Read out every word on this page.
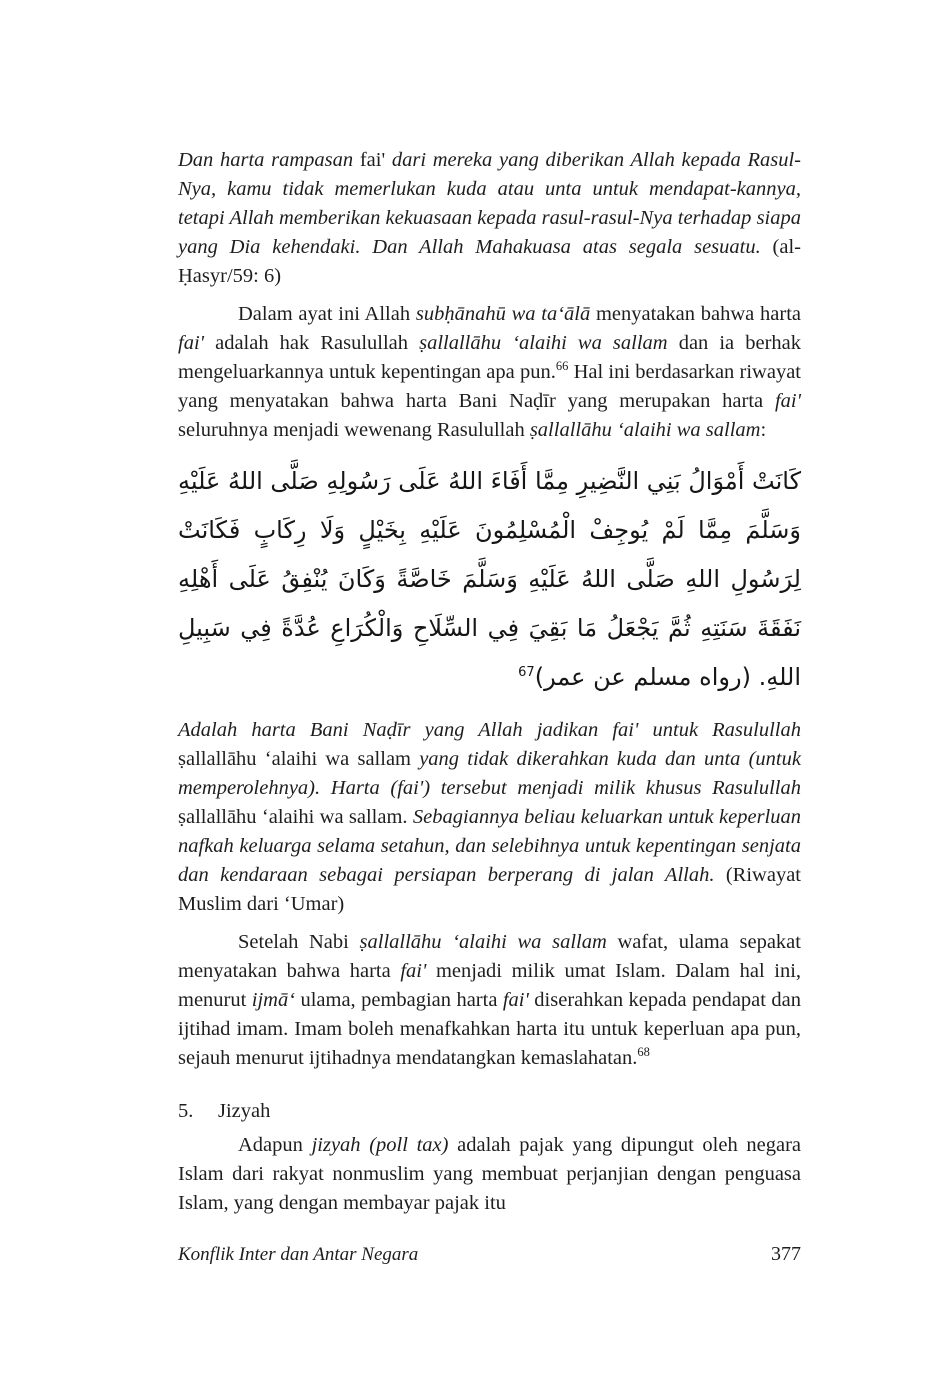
Dan harta rampasan fai' dari mereka yang diberikan Allah kepada Rasul-Nya, kamu tidak memerlukan kuda atau unta untuk mendapat-kannya, tetapi Allah memberikan kekuasaan kepada rasul-rasul-Nya terhadap siapa yang Dia kehendaki. Dan Allah Mahakuasa atas segala sesuatu. (al-Ḥasyr/59: 6)

Dalam ayat ini Allah subḥānahū wa ta‘ālā menyatakan bahwa harta fai' adalah hak Rasulullah ṣallallāhu ‘alaihi wa sallam dan ia berhak mengeluarkannya untuk kepentingan apa pun.$^{66}$ Hal ini berdasarkan riwayat yang menyatakan bahwa harta Bani Naḍīr yang merupakan harta fai' seluruhnya menjadi wewenang Rasulullah ṣallallāhu ‘alaihi wa sallam:

كَانَتْ أَمْوَالُ بَنِي النَّضِيرِ مِمَّا أَفَاءَ اللهُ عَلَى رَسُولِهِ صَلَّى اللهُ عَلَيْهِ وَسَلَّمَ مِمَّا لَمْ يُوجِفْ الْمُسْلِمُونَ عَلَيْهِ بِخَيْلٍ وَلَا رِكَابٍ فَكَانَتْ لِرَسُولِ اللهِ صَلَّى اللهُ عَلَيْهِ وَسَلَّمَ خَاصَّةً وَكَانَ يُنْفِقُ عَلَى أَهْلِهِ نَفَقَةَ سَنَتِهِ ثُمَّ يَجْعَلُ مَا بَقِيَ فِي السِّلَاحِ وَالْكُرَاعِ عُدَّةً فِي سَبِيلِ اللهِ. (رواه مسلم عن عمر)$^{67}$

Adalah harta Bani Naḍīr yang Allah jadikan fai' untuk Rasulullah ṣallallāhu ‘alaihi wa sallam yang tidak dikerahkan kuda dan unta (untuk memperolehnya). Harta (fai') tersebut menjadi milik khusus Rasulullah ṣallallāhu ‘alaihi wa sallam. Sebagiannya beliau keluarkan untuk keperluan nafkah keluarga selama setahun, dan selebihnya untuk kepentingan senjata dan kendaraan sebagai persiapan berperang di jalan Allah. (Riwayat Muslim dari ‘Umar)

Setelah Nabi ṣallallāhu ‘alaihi wa sallam wafat, ulama sepakat menyatakan bahwa harta fai' menjadi milik umat Islam. Dalam hal ini, menurut ijmā‘ ulama, pembagian harta fai' diserahkan kepada pendapat dan ijtihad imam. Imam boleh menafkahkan harta itu untuk keperluan apa pun, sejauh menurut ijtihadnya mendatangkan kemaslahatan.$^{68}$

5. Jizyah

Adapun jizyah (poll tax) adalah pajak yang dipungut oleh negara Islam dari rakyat nonmuslim yang membuat perjanjian dengan penguasa Islam, yang dengan membayar pajak itu

Konflik Inter dan Antar Negara	377
